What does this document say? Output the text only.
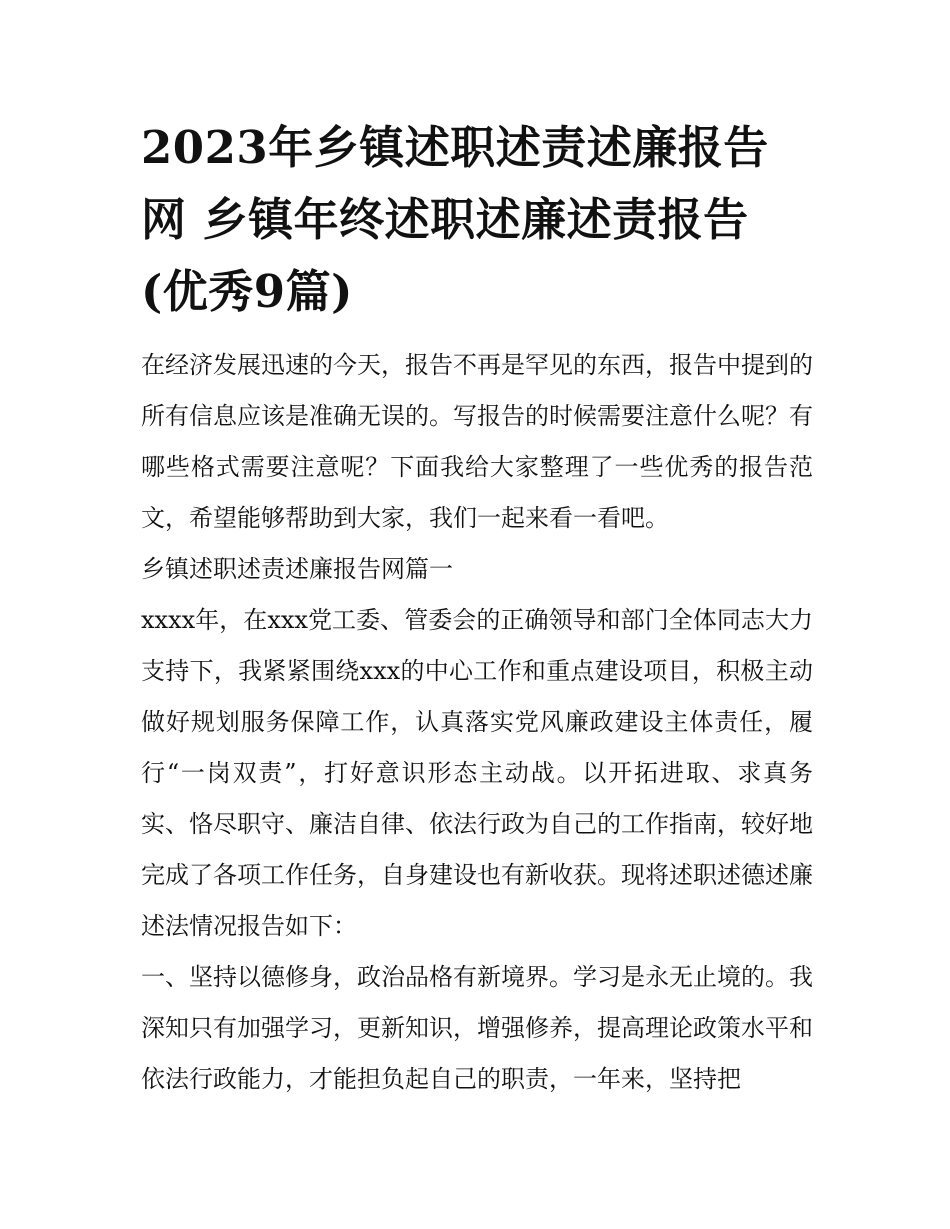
2023年乡镇述职述责述廉报告网 乡镇年终述职述廉述责报告(优秀9篇)

在经济发展迅速的今天，报告不再是罕见的东西，报告中提到的所有信息应该是准确无误的。写报告的时候需要注意什么呢？有哪些格式需要注意呢？下面我给大家整理了一些优秀的报告范文，希望能够帮助到大家，我们一起来看一看吧。

乡镇述职述责述廉报告网篇一

xxxx年，在xxx党工委、管委会的正确领导和部门全体同志大力支持下，我紧紧围绕xxx的中心工作和重点建设项目，积极主动做好规划服务保障工作，认真落实党风廉政建设主体责任，履行“一岗双责”，打好意识形态主动战。以开拓进取、求真务实、恪尽职守、廉洁自律、依法行政为自己的工作指南，较好地完成了各项工作任务，自身建设也有新收获。现将述职述德述廉述法情况报告如下：

一、坚持以德修身，政治品格有新境界。学习是永无止境的。我深知只有加强学习，更新知识，增强修养，提高理论政策水平和依法行政能力，才能担负起自己的职责，一年来，坚持把
